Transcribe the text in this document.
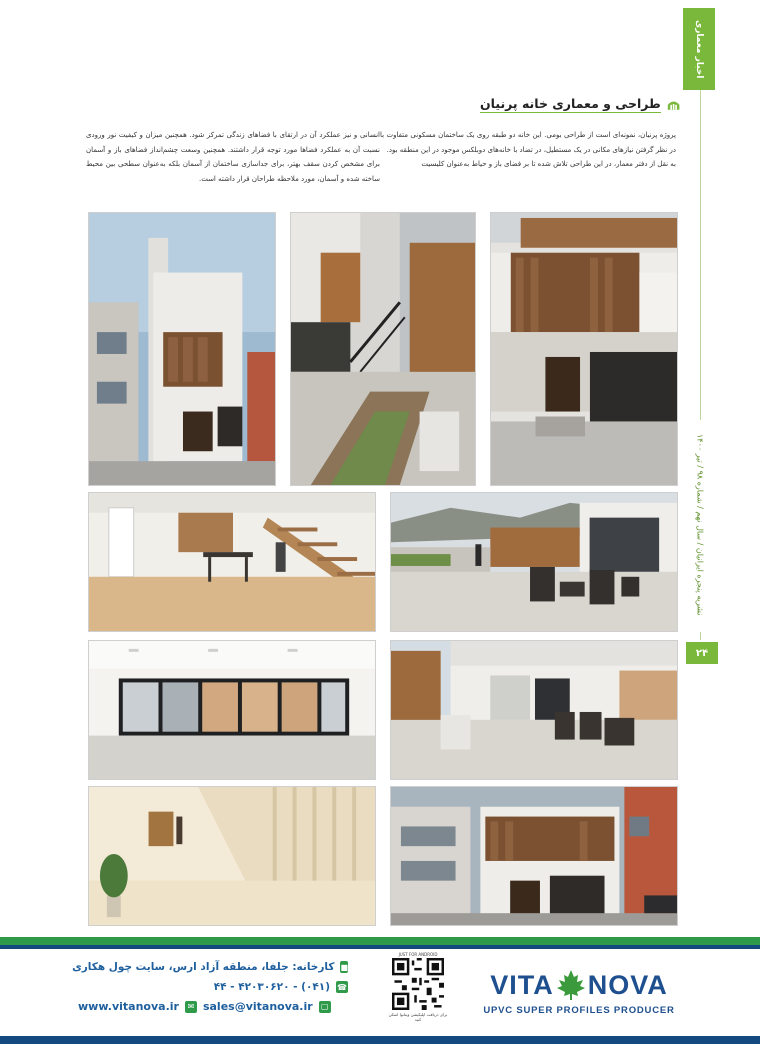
اخبار معماری
نشریه پنجره ایرانیان / سال نهم / شماره ۹۸ / تیر ۱۴۰۰
۲۴
طراحی و معماری خانه پرنیان

پروژه پرنیان، نمونه‌ای است از طراحی بومی. این خانه دو طبقه روی یک ساختمان مسکونی متفاوت با در نظر گرفتن نیازهای مکانی در یک مستطیل، در تضاد با خانه‌های دوبلکس موجود در این منطقه بود.

به نقل از دفتر معمار، در این طراحی تلاش شده تا بر فضای باز و حیاط به‌عنوان کلیسیت

انسانی و نیز عملکرد آن در ارتقای با فضاهای زندگی تمرکز شود. همچنین میزان و کیفیت نور ورودی نسبت آن به عملکرد فضاها مورد توجه قرار داشتند. همچنین وسعت چشم‌انداز فضاهای باز و آسمان برای مشخص کردن سقف بهتر، برای جداسازی ساختمان از آسمان بلکه به‌عنوان سطحی بین محیط ساخته شده و آسمان، مورد ملاحظه طراحان قرار داشته است.

■
کارخانه: جلفا، منطقه آزاد ارس، سایت چول هکاری
☎
(۰۴۱) - ۴۲۰۳۰۶۲۰ - ۴۴
www.vitanova.ir	✉ sales@vitanova.ir ▢
JUST FOR ANDROID
برای دریافت اپلیکیشن ویتانوا اسکن کنید
VITA NOVA
UPVC SUPER PROFILES PRODUCER
